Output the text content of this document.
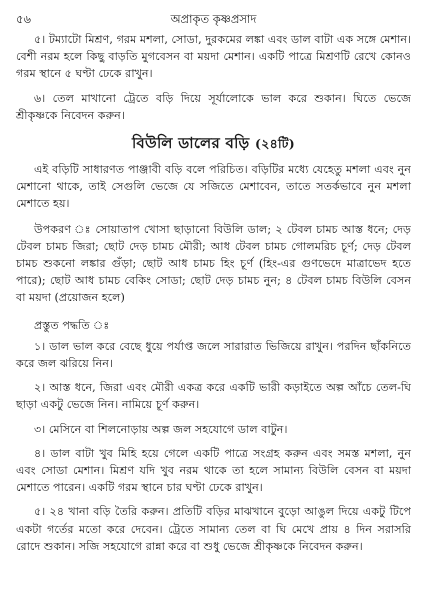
৫৬	অপ্রাকৃত কৃষ্ণপ্রসাদ

৫। টম্যাটো মিশ্রণ, গরম মশলা, সোডা, দুরকমের লঙ্কা এবং ডাল বাটা এক সঙ্গে মেশান। বেশী নরম হলে কিছু বাড়তি মুগবেসন বা ময়দা মেশান। একটি পাত্রে মিশ্রণটি রেখে কোনও গরম স্থানে ৫ ঘণ্টা ঢেকে রাখুন।

৬। তেল মাখানো ট্রেতে বড়ি দিয়ে সূর্যালোকে ভাল করে শুকান। ঘিতে ভেজে শ্রীকৃষ্ণকে নিবেদন করুন।

বিউলি ডালের বড়ি (২৪টি)

এই বড়িটি সাধারণত পাঞ্জাবী বড়ি বলে পরিচিত। বড়িটির মধ্যে যেহেতু মশলা এবং নুন মেশানো থাকে, তাই সেগুলি ভেজে যে সজিতে মেশাবেন, তাতে সতর্কভাবে নুন মশলা মেশাতে হয়।

উপকরণ ঃ সোয়াতাপ খোসা ছাড়ানো বিউলি ডাল; ২ টেবল চামচ আস্ত ধনে; দেড় টেবল চামচ জিরা; ছোট দেড় চামচ মৌরী; আধ টেবল চামচ গোলমরিচ চূর্ণ; দেড় টেবল চামচ শুকনো লঙ্কার গুঁড়া; ছোট আধ চামচ হিং চূর্ণ (হিং-এর গুণভেদে মাত্রাভেদ হতে পারে); ছোট আধ চামচ বেকিং সোডা; ছোট দেড় চামচ নুন; ৪ টেবল চামচ বিউলি বেসন বা ময়দা (প্রয়োজন হলে)

প্রস্তুত পদ্ধতি ঃ

১। ডাল ভাল করে বেছে ধুয়ে পর্যাপ্ত জলে সারারাত ভিজিয়ে রাখুন। পরদিন ছাঁকনিতে করে জল ঝরিয়ে নিন।

২। আস্ত ধনে, জিরা এবং মৌরী একত্র করে একটি ভারী কড়াইতে অল্প আঁচে তেল-ঘি ছাড়া একটু ভেজে নিন। নামিয়ে চূর্ণ করুন।

৩। মেসিনে বা শিলনোড়ায় অল্প জল সহযোগে ডাল বাটুন।

৪। ডাল বাটা খুব মিহি হয়ে গেলে একটি পাত্রে সংগ্রহ করুন এবং সমস্ত মশলা, নুন এবং সোডা মেশান। মিশ্রণ যদি খুব নরম থাকে তা হলে সামান্য বিউলি বেসন বা ময়দা মেশাতে পারেন। একটি গরম স্থানে চার ঘণ্টা ঢেকে রাখুন।

৫। ২৪ খানা বড়ি তৈরি করুন। প্রতিটি বড়ির মাঝখানে বুড়ো আঙুল দিয়ে একটু টিপে একটা গর্তের মতো করে দেবেন। ট্রেতে সামান্য তেল বা ঘি মেখে প্রায় ৪ দিন সরাসরি রোদে শুকান। সজি সহযোগে রান্না করে বা শুধু ভেজে শ্রীকৃষ্ণকে নিবেদন করুন।
